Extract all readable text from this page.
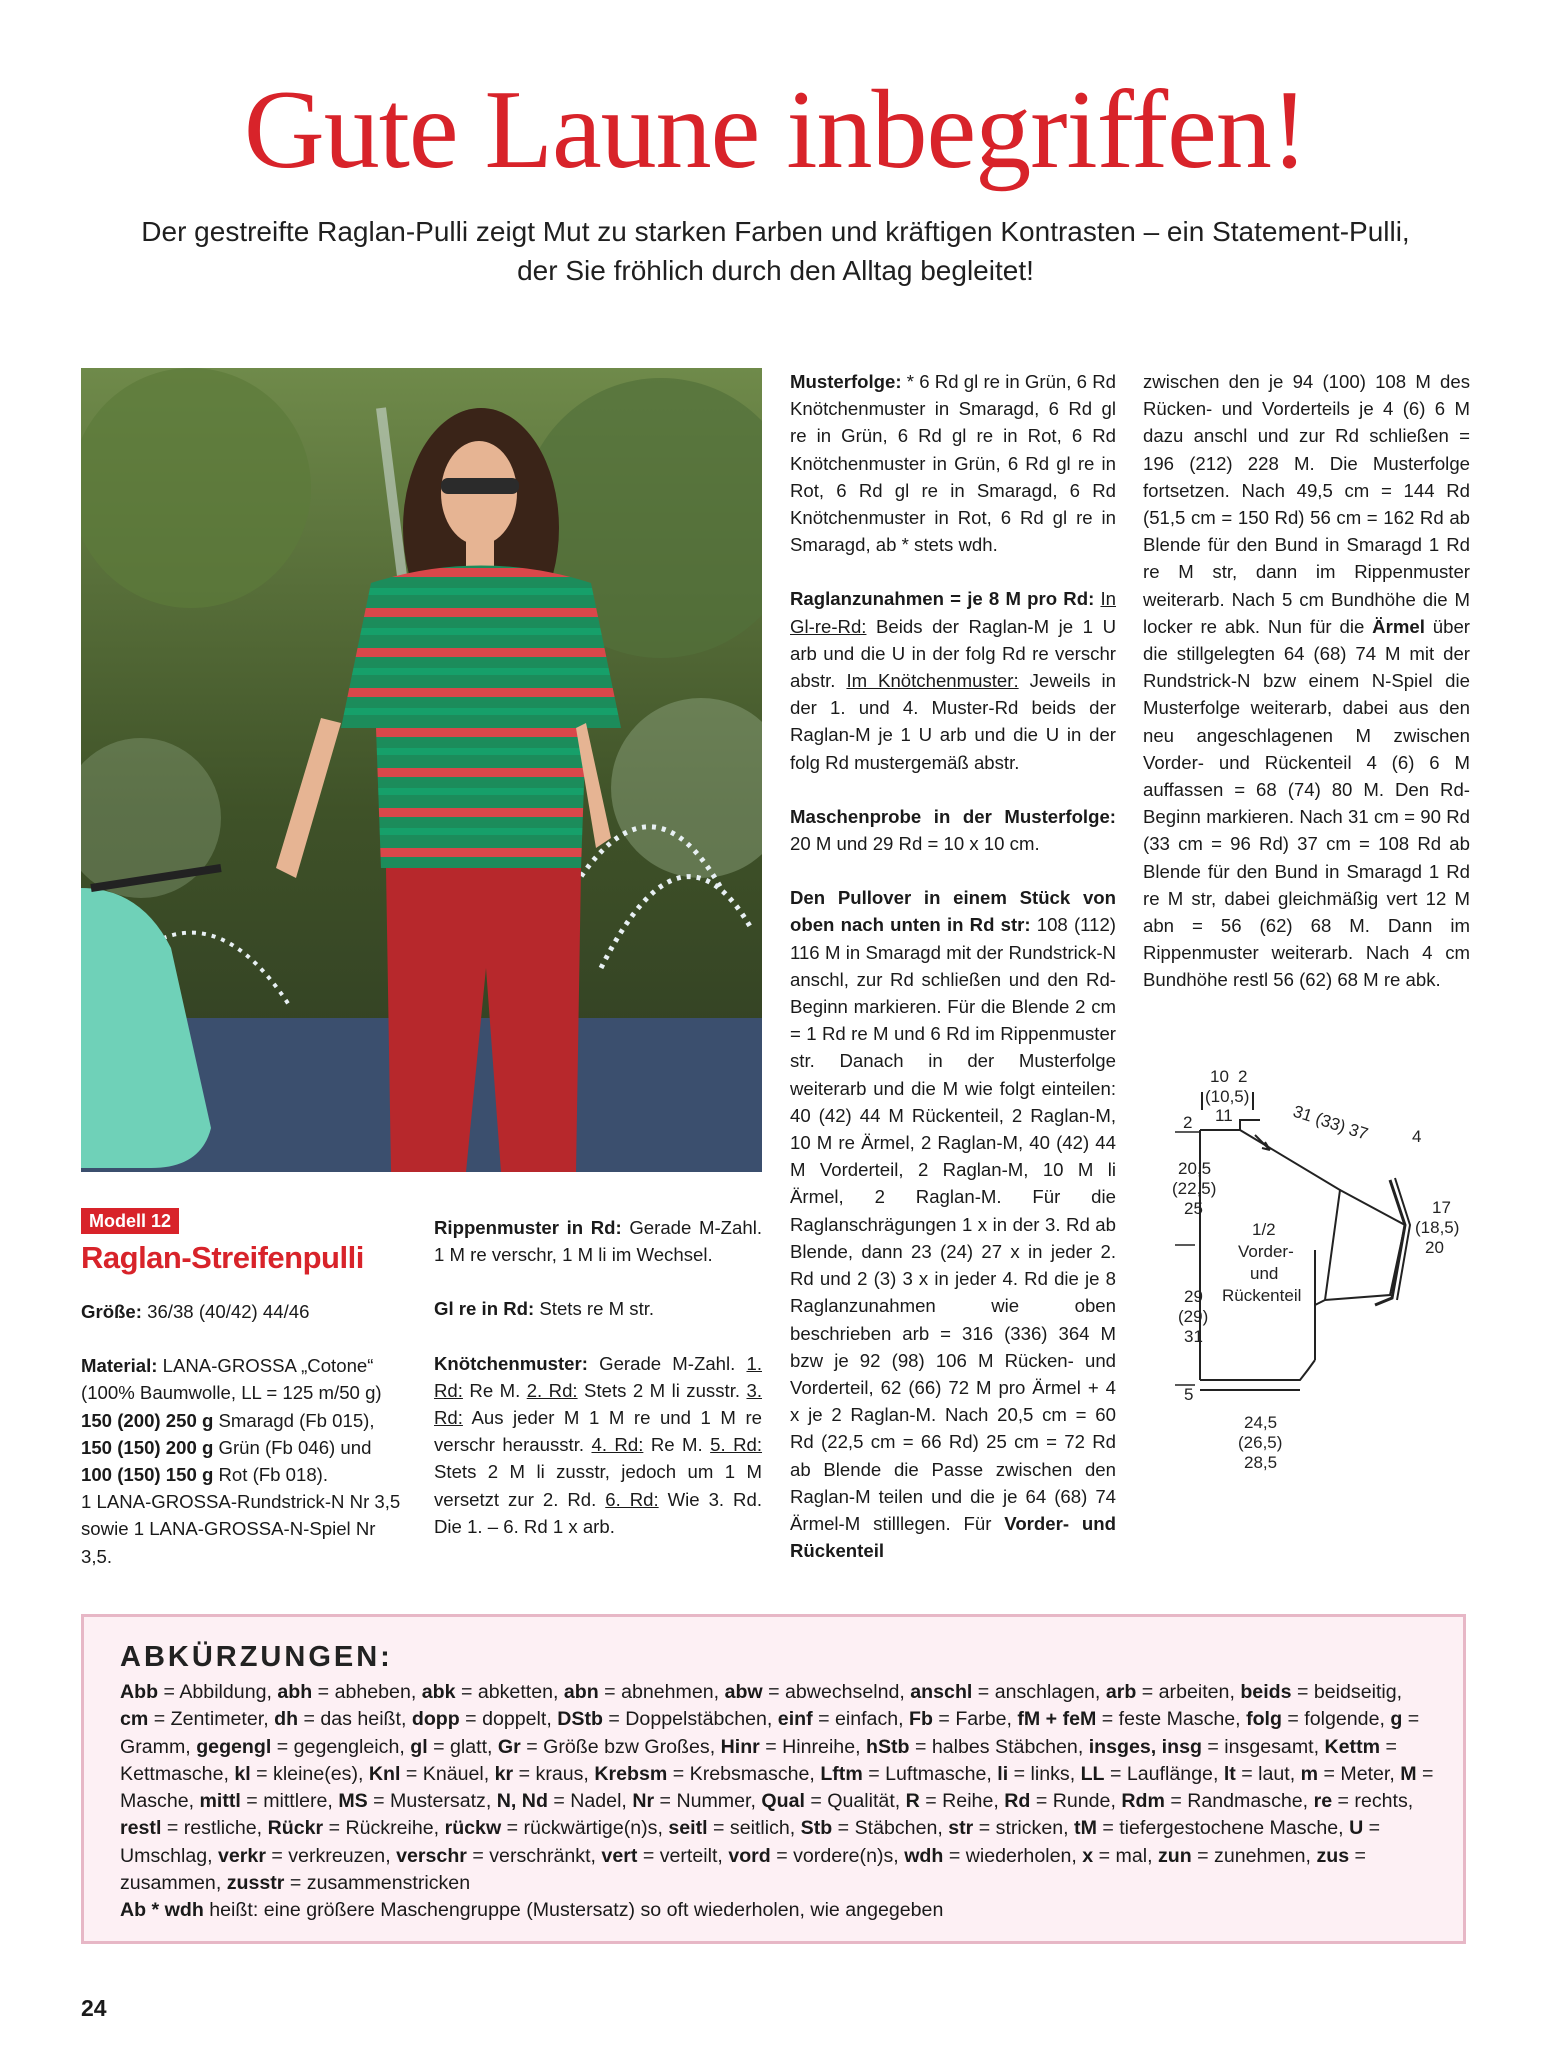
Gute Laune inbegriffen!
Der gestreifte Raglan-Pulli zeigt Mut zu starken Farben und kräftigen Kontrasten – ein Statement-Pulli,
der Sie fröhlich durch den Alltag begleitet!
Modell 12
Raglan-Streifenpulli

Größe: 36/38 (40/42) 44/46

Material: LANA-GROSSA „Cotone“ (100% Baumwolle, LL = 125 m/50 g)
150 (200) 250 g Smaragd (Fb 015),
150 (150) 200 g Grün (Fb 046) und
100 (150) 150 g Rot (Fb 018).
1 LANA-GROSSA-Rundstrick-N Nr 3,5 sowie 1 LANA-GROSSA-N-Spiel Nr 3,5.

Rippenmuster in Rd: Gerade M-Zahl. 1 M re verschr, 1 M li im Wechsel.

Gl re in Rd: Stets re M str.

Knötchenmuster: Gerade M-Zahl. 1. Rd: Re M. 2. Rd: Stets 2 M li zusstr. 3. Rd: Aus jeder M 1 M re und 1 M re verschr herausstr. 4. Rd: Re M. 5. Rd: Stets 2 M li zusstr, jedoch um 1 M versetzt zur 2. Rd. 6. Rd: Wie 3. Rd. Die 1. – 6. Rd 1 x arb.

Musterfolge: * 6 Rd gl re in Grün, 6 Rd Knötchenmuster in Smaragd, 6 Rd gl re in Grün, 6 Rd gl re in Rot, 6 Rd Knötchenmuster in Grün, 6 Rd gl re in Rot, 6 Rd gl re in Smaragd, 6 Rd Knötchenmuster in Rot, 6 Rd gl re in Smaragd, ab * stets wdh.

Raglanzunahmen = je 8 M pro Rd: In Gl-re-Rd: Beids der Raglan-M je 1 U arb und die U in der folg Rd re verschr abstr. Im Knötchenmuster: Jeweils in der 1. und 4. Muster-Rd beids der Raglan-M je 1 U arb und die U in der folg Rd mustergemäß abstr.

Maschenprobe in der Musterfolge: 20 M und 29 Rd = 10 x 10 cm.

Den Pullover in einem Stück von oben nach unten in Rd str: 108 (112) 116 M in Smaragd mit der Rundstrick-N anschl, zur Rd schließen und den Rd-Beginn markieren. Für die Blende 2 cm = 1 Rd re M und 6 Rd im Rippenmuster str. Danach in der Musterfolge weiterarb und die M wie folgt einteilen: 40 (42) 44 M Rückenteil, 2 Raglan-M, 10 M re Ärmel, 2 Raglan-M, 40 (42) 44 M Vorderteil, 2 Raglan-M, 10 M li Ärmel, 2 Raglan-M. Für die Raglanschrägungen 1 x in der 3. Rd ab Blende, dann 23 (24) 27 x in jeder 2. Rd und 2 (3) 3 x in jeder 4. Rd die je 8 Raglanzunahmen wie oben beschrieben arb = 316 (336) 364 M bzw je 92 (98) 106 M Rücken- und Vorderteil, 62 (66) 72 M pro Ärmel + 4 x je 2 Raglan-M. Nach 20,5 cm = 60 Rd (22,5 cm = 66 Rd) 25 cm = 72 Rd ab Blende die Passe zwischen den Raglan-M teilen und die je 64 (68) 74 Ärmel-M stilllegen. Für Vorder- und Rückenteil

zwischen den je 94 (100) 108 M des Rücken- und Vorderteils je 4 (6) 6 M dazu anschl und zur Rd schließen = 196 (212) 228 M. Die Musterfolge fortsetzen. Nach 49,5 cm = 144 Rd (51,5 cm = 150 Rd) 56 cm = 162 Rd ab Blende für den Bund in Smaragd 1 Rd re M str, dann im Rippenmuster weiterarb. Nach 5 cm Bundhöhe die M locker re abk. Nun für die Ärmel über die stillgelegten 64 (68) 74 M mit der Rundstrick-N bzw einem N-Spiel die Musterfolge weiterarb, dabei aus den neu angeschlagenen M zwischen Vorder- und Rückenteil 4 (6) 6 M auffassen = 68 (74) 80 M. Den Rd-Beginn markieren. Nach 31 cm = 90 Rd (33 cm = 96 Rd) 37 cm = 108 Rd ab Blende für den Bund in Smaragd 1 Rd re M str, dabei gleichmäßig vert 12 M abn = 56 (62) 68 M. Dann im Rippenmuster weiterarb. Nach 4 cm Bundhöhe restl 56 (62) 68 M re abk.

10 2
(10,5)
11	31 (33) 37 4
2
20,5
(22,5)
25
1/2
Vorder-
und
Rückenteil
17
(18,5)
20
29
(29)
31
5
24,5
(26,5)
28,5
ABKÜRZUNGEN:
Abb = Abbildung, abh = abheben, abk = abketten, abn = abnehmen, abw = abwechselnd, anschl = anschlagen, arb = arbeiten, beids = beidseitig, cm = Zentimeter, dh = das heißt, dopp = doppelt, DStb = Doppelstäbchen, einf = einfach, Fb = Farbe, fM + feM = feste Masche, folg = folgende, g = Gramm, gegengl = gegengleich, gl = glatt, Gr = Größe bzw Großes, Hinr = Hinreihe, hStb = halbes Stäbchen, insges, insg = insgesamt, Kettm = Kettmasche, kl = kleine(es), Knl = Knäuel, kr = kraus, Krebsm = Krebsmasche, Lftm = Luftmasche, li = links, LL = Lauflänge, lt = laut, m = Meter, M = Masche, mittl = mittlere, MS = Mustersatz, N, Nd = Nadel, Nr = Nummer, Qual = Qualität, R = Reihe, Rd = Runde, Rdm = Randmasche, re = rechts, restl = restliche, Rückr = Rückreihe, rückw = rückwärtige(n)s, seitl = seitlich, Stb = Stäbchen, str = stricken, tM = tiefergestochene Masche, U = Umschlag, verkr = verkreuzen, verschr = verschränkt, vert = verteilt, vord = vordere(n)s, wdh = wiederholen, x = mal, zun = zunehmen, zus = zusammen, zusstr = zusammenstricken
Ab * wdh heißt: eine größere Maschengruppe (Mustersatz) so oft wiederholen, wie angegeben
24
